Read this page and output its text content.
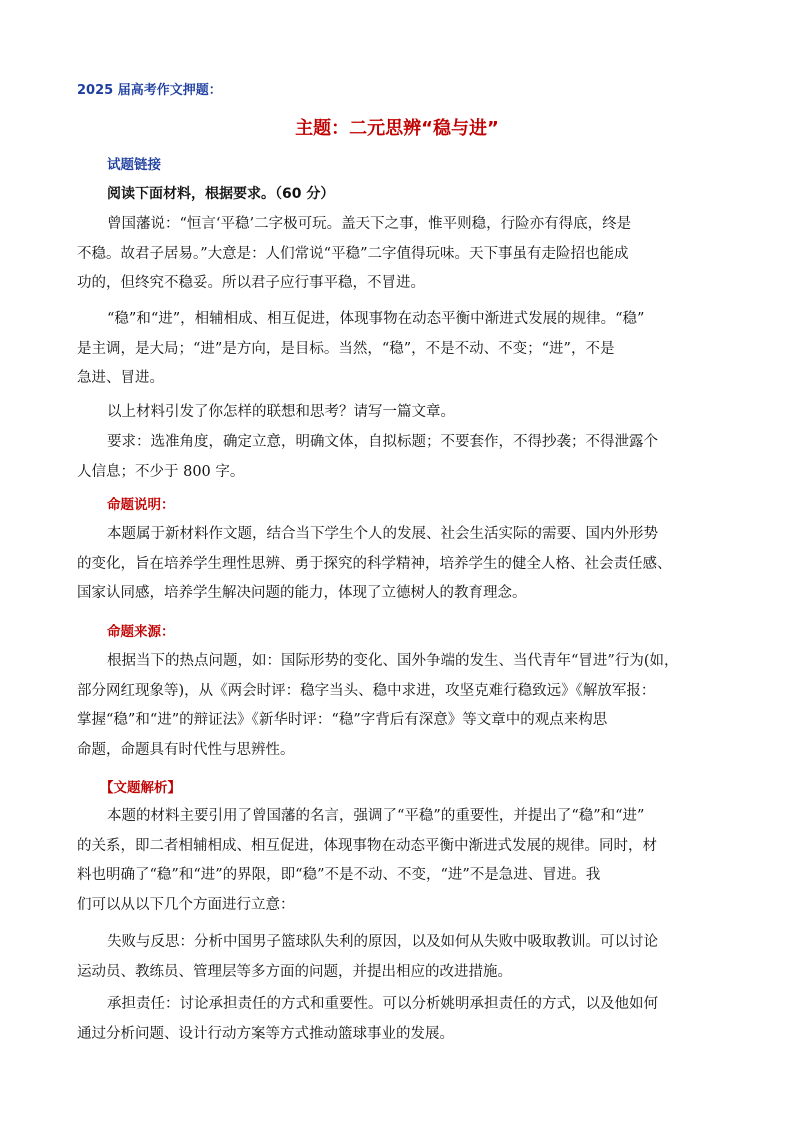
2025 届高考作文押题：
主题：二元思辨“稳与进”
试题链接
阅读下面材料，根据要求。（60 分）
曾国藩说：“恒言‘平稳’二字极可玩。盖天下之事，惟平则稳，行险亦有得底，终是
不稳。故君子居易。”大意是：人们常说“平稳”二字值得玩味。天下事虽有走险招也能成
功的，但终究不稳妥。所以君子应行事平稳，不冒进。
“稳”和“进”，相辅相成、相互促进，体现事物在动态平衡中渐进式发展的规律。“稳”
是主调，是大局；“进”是方向，是目标。当然，“稳”，不是不动、不变；“进”，不是
急进、冒进。
以上材料引发了你怎样的联想和思考？请写一篇文章。
要求：选准角度，确定立意，明确文体，自拟标题；不要套作，不得抄袭；不得泄露个
人信息；不少于 800 字。
命题说明：
本题属于新材料作文题，结合当下学生个人的发展、社会生活实际的需要、国内外形势
的变化，旨在培养学生理性思辨、勇于探究的科学精神，培养学生的健全人格、社会责任感、
国家认同感，培养学生解决问题的能力，体现了立德树人的教育理念。
命题来源：
根据当下的热点问题，如：国际形势的变化、国外争端的发生、当代青年“冒进”行为(如，
部分网红现象等)，从《两会时评：稳字当头、稳中求进，攻坚克难行稳致远》《解放军报：
掌握“稳”和“进”的辩证法》《新华时评：“稳”字背后有深意》等文章中的观点来构思
命题，命题具有时代性与思辨性。
【文题解析】
本题的材料主要引用了曾国藩的名言，强调了“平稳”的重要性，并提出了“稳”和“进”
的关系，即二者相辅相成、相互促进，体现事物在动态平衡中渐进式发展的规律。同时，材
料也明确了“稳”和“进”的界限，即“稳”不是不动、不变，“进”不是急进、冒进。我
们可以从以下几个方面进行立意：
失败与反思：分析中国男子篮球队失利的原因，以及如何从失败中吸取教训。可以讨论
运动员、教练员、管理层等多方面的问题，并提出相应的改进措施。
承担责任：讨论承担责任的方式和重要性。可以分析姚明承担责任的方式，以及他如何
通过分析问题、设计行动方案等方式推动篮球事业的发展。
